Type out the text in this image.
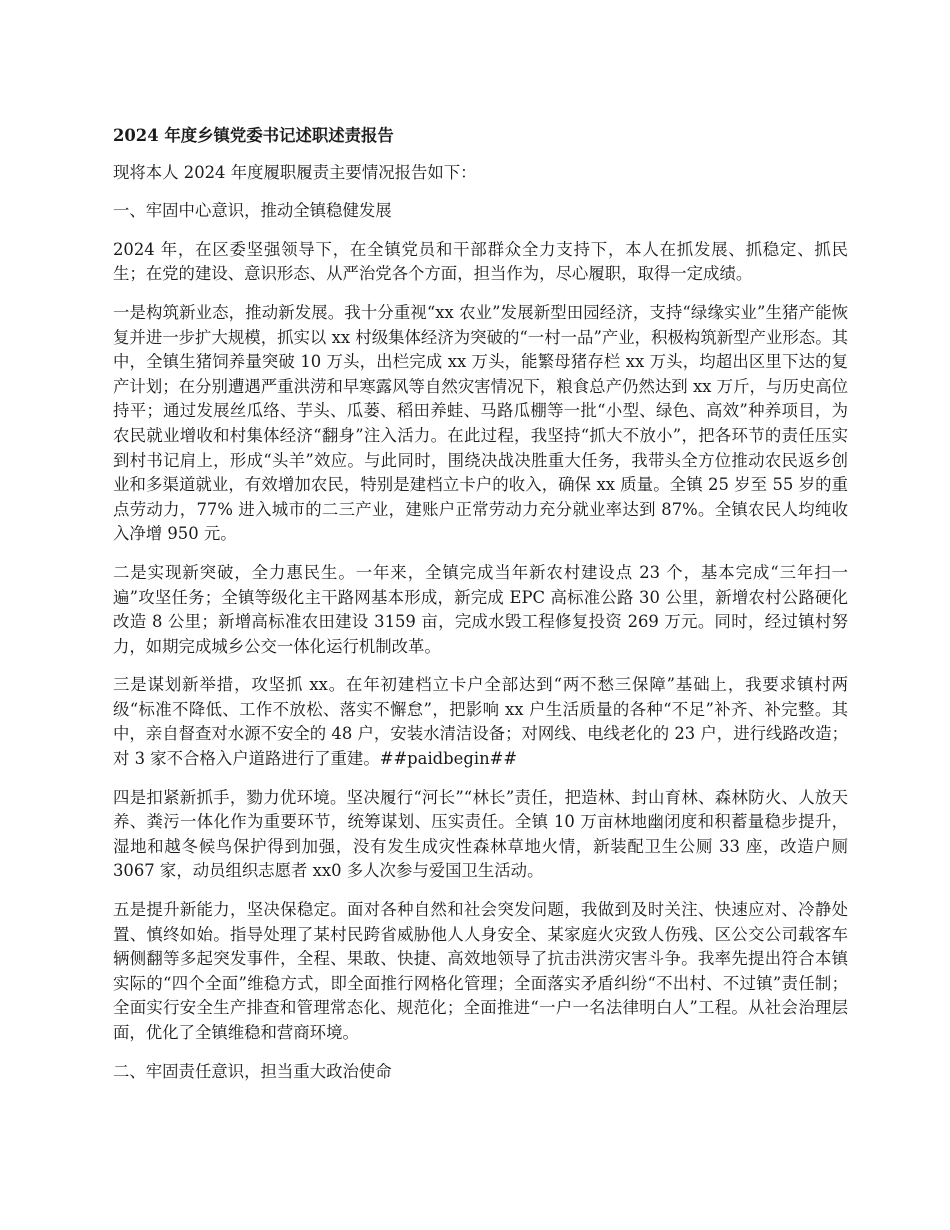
2024 年度乡镇党委书记述职述责报告

现将本人 2024 年度履职履责主要情况报告如下：

一、牢固中心意识，推动全镇稳健发展

2024 年，在区委坚强领导下，在全镇党员和干部群众全力支持下，本人在抓发展、抓稳定、抓民生；在党的建设、意识形态、从严治党各个方面，担当作为，尽心履职，取得一定成绩。

一是构筑新业态，推动新发展。我十分重视“xx 农业”发展新型田园经济，支持“绿缘实业”生猪产能恢复并进一步扩大规模，抓实以 xx 村级集体经济为突破的“一村一品”产业，积极构筑新型产业形态。其中，全镇生猪饲养量突破 10 万头，出栏完成 xx 万头，能繁母猪存栏 xx 万头，均超出区里下达的复产计划；在分别遭遇严重洪涝和早寒露风等自然灾害情况下，粮食总产仍然达到 xx 万斤，与历史高位持平；通过发展丝瓜络、芋头、瓜蒌、稻田养蛙、马路瓜棚等一批“小型、绿色、高效”种养项目，为农民就业增收和村集体经济“翻身”注入活力。在此过程，我坚持“抓大不放小”，把各环节的责任压实到村书记肩上，形成“头羊”效应。与此同时，围绕决战决胜重大任务，我带头全方位推动农民返乡创业和多渠道就业，有效增加农民，特别是建档立卡户的收入，确保 xx 质量。全镇 25 岁至 55 岁的重点劳动力，77% 进入城市的二三产业，建账户正常劳动力充分就业率达到 87%。全镇农民人均纯收入净增 950 元。

二是实现新突破，全力惠民生。一年来，全镇完成当年新农村建设点 23 个，基本完成“三年扫一遍”攻坚任务；全镇等级化主干路网基本形成，新完成 EPC 高标准公路 30 公里，新增农村公路硬化改造 8 公里；新增高标准农田建设 3159 亩，完成水毁工程修复投资 269 万元。同时，经过镇村努力，如期完成城乡公交一体化运行机制改革。

三是谋划新举措，攻坚抓 xx。在年初建档立卡户全部达到“两不愁三保障”基础上，我要求镇村两级“标准不降低、工作不放松、落实不懈怠”，把影响 xx 户生活质量的各种“不足”补齐、补完整。其中，亲自督查对水源不安全的 48 户，安装水清洁设备；对网线、电线老化的 23 户，进行线路改造；对 3 家不合格入户道路进行了重建。##paidbegin##

四是扣紧新抓手，勠力优环境。坚决履行“河长”“林长”责任，把造林、封山育林、森林防火、人放天养、粪污一体化作为重要环节，统筹谋划、压实责任。全镇 10 万亩林地幽闭度和积蓄量稳步提升，湿地和越冬候鸟保护得到加强，没有发生成灾性森林草地火情，新装配卫生公厕 33 座，改造户厕 3067 家，动员组织志愿者 xx0 多人次参与爱国卫生活动。

五是提升新能力，坚决保稳定。面对各种自然和社会突发问题，我做到及时关注、快速应对、冷静处置、慎终如始。指导处理了某村民跨省威胁他人人身安全、某家庭火灾致人伤残、区公交公司载客车辆侧翻等多起突发事件，全程、果敢、快捷、高效地领导了抗击洪涝灾害斗争。我率先提出符合本镇实际的“四个全面”维稳方式，即全面推行网格化管理；全面落实矛盾纠纷“不出村、不过镇”责任制；全面实行安全生产排查和管理常态化、规范化；全面推进“一户一名法律明白人”工程。从社会治理层面，优化了全镇维稳和营商环境。

二、牢固责任意识，担当重大政治使命
